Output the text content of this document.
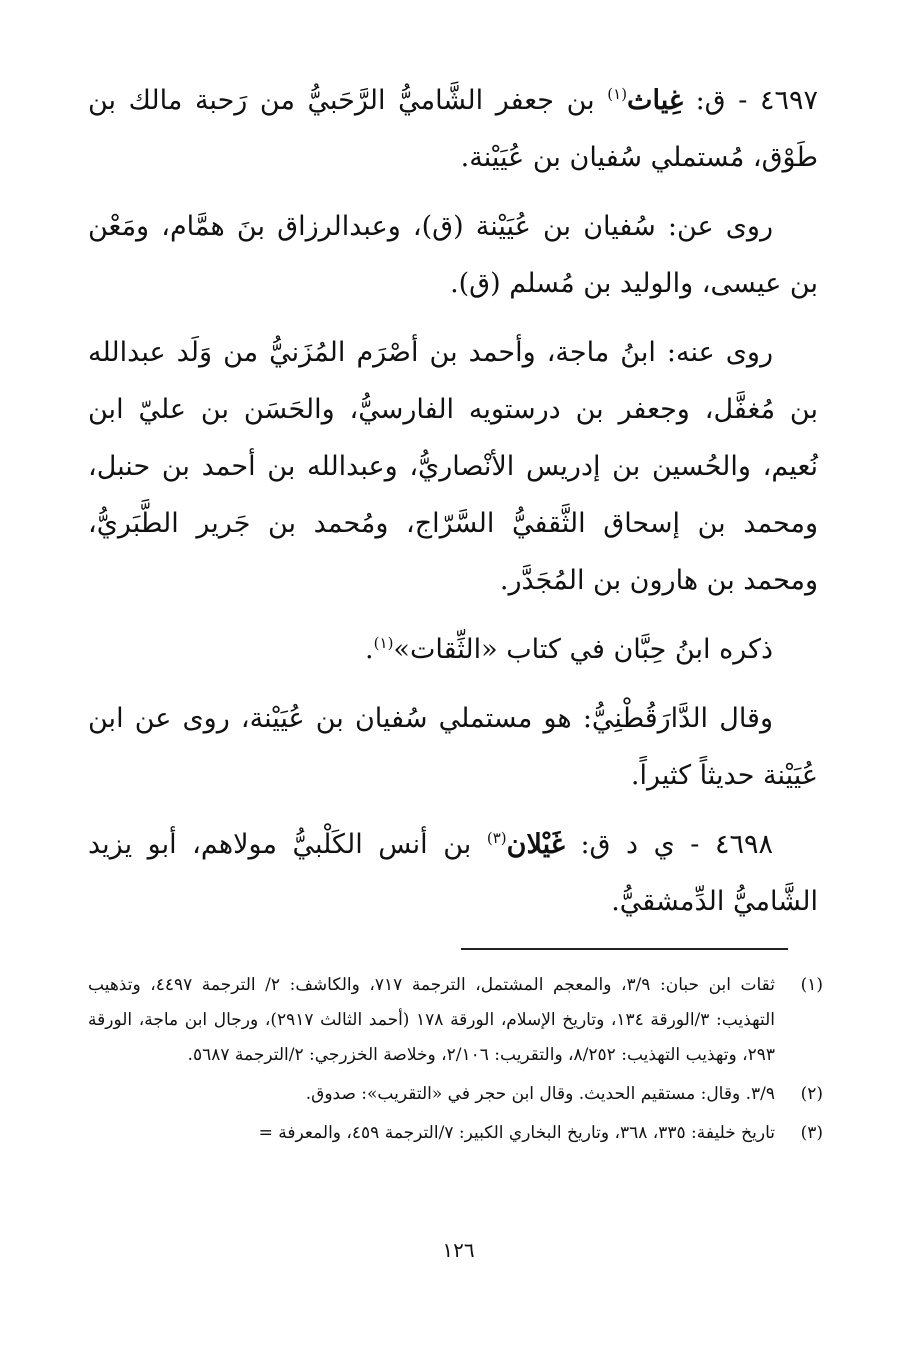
٤٦٩٧ - ق: غِياث$^{(١)}$ بن جعفر الشَّاميُّ الرَّحَبيُّ من رَحبة مالك بن طَوْق، مُستملي سُفيان بن عُيَيْنة.

روى عن: سُفيان بن عُيَيْنة (ق)، وعبدالرزاق بنَ همَّام، ومَعْن بن عيسى، والوليد بن مُسلم (ق).

روى عنه: ابنُ ماجة، وأحمد بن أصْرَم المُزَنيُّ من وَلَد عبدالله بن مُغفَّل، وجعفر بن درستويه الفارسيُّ، والحَسَن بن عليّ ابن نُعيم، والحُسين بن إدريس الأنْصاريُّ، وعبدالله بن أحمد بن حنبل، ومحمد بن إسحاق الثَّقفيُّ السَّرّاج، ومُحمد بن جَرير الطَّبَريُّ، ومحمد بن هارون بن المُجَدَّر.

ذكره ابنُ حِبَّان في كتاب «الثِّقات»$^{(١)}$.

وقال الدَّارَقُطْنِيُّ: هو مستملي سُفيان بن عُيَيْنة، روى عن ابن عُيَيْنة حديثاً كثيراً.

٤٦٩٨ - ي د ق: غَيْلان$^{(٣)}$ بن أنس الكَلْبيُّ مولاهم، أبو يزيد الشَّاميُّ الدِّمشقيُّ.

(١)
ثقات ابن حبان: ٣/٩، والمعجم المشتمل، الترجمة ٧١٧، والكاشف: ٢/ الترجمة ٤٤٩٧، وتذهيب التهذيب: ٣/الورقة ١٣٤، وتاريخ الإسلام، الورقة ١٧٨ (أحمد الثالث ٢٩١٧)، ورجال ابن ماجة، الورقة ٢٩٣، وتهذيب التهذيب: ٨/٢٥٢، والتقريب: ٢/١٠٦، وخلاصة الخزرجي: ٢/الترجمة ٥٦٨٧.
(٢)
٣/٩. وقال: مستقيم الحديث. وقال ابن حجر في «التقريب»: صدوق.
(٣)
تاريخ خليفة: ٣٣٥، ٣٦٨، وتاريخ البخاري الكبير: ٧/الترجمة ٤٥٩، والمعرفة =
١٢٦
